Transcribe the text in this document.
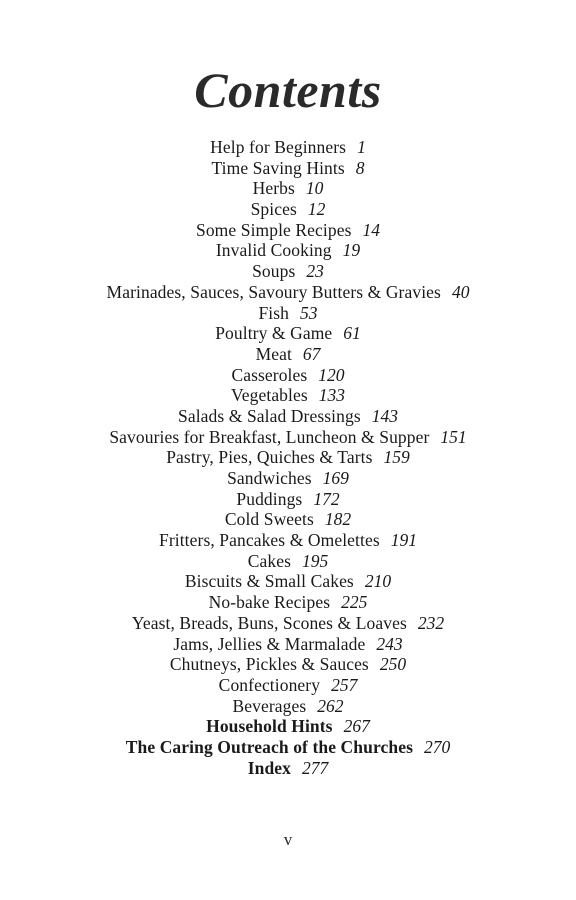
Contents
Help for Beginners 1
Time Saving Hints 8
Herbs 10
Spices 12
Some Simple Recipes 14
Invalid Cooking 19
Soups 23
Marinades, Sauces, Savoury Butters & Gravies 40
Fish 53
Poultry & Game 61
Meat 67
Casseroles 120
Vegetables 133
Salads & Salad Dressings 143
Savouries for Breakfast, Luncheon & Supper 151
Pastry, Pies, Quiches & Tarts 159
Sandwiches 169
Puddings 172
Cold Sweets 182
Fritters, Pancakes & Omelettes 191
Cakes 195
Biscuits & Small Cakes 210
No-bake Recipes 225
Yeast, Breads, Buns, Scones & Loaves 232
Jams, Jellies & Marmalade 243
Chutneys, Pickles & Sauces 250
Confectionery 257
Beverages 262
Household Hints 267
The Caring Outreach of the Churches 270
Index 277
v
